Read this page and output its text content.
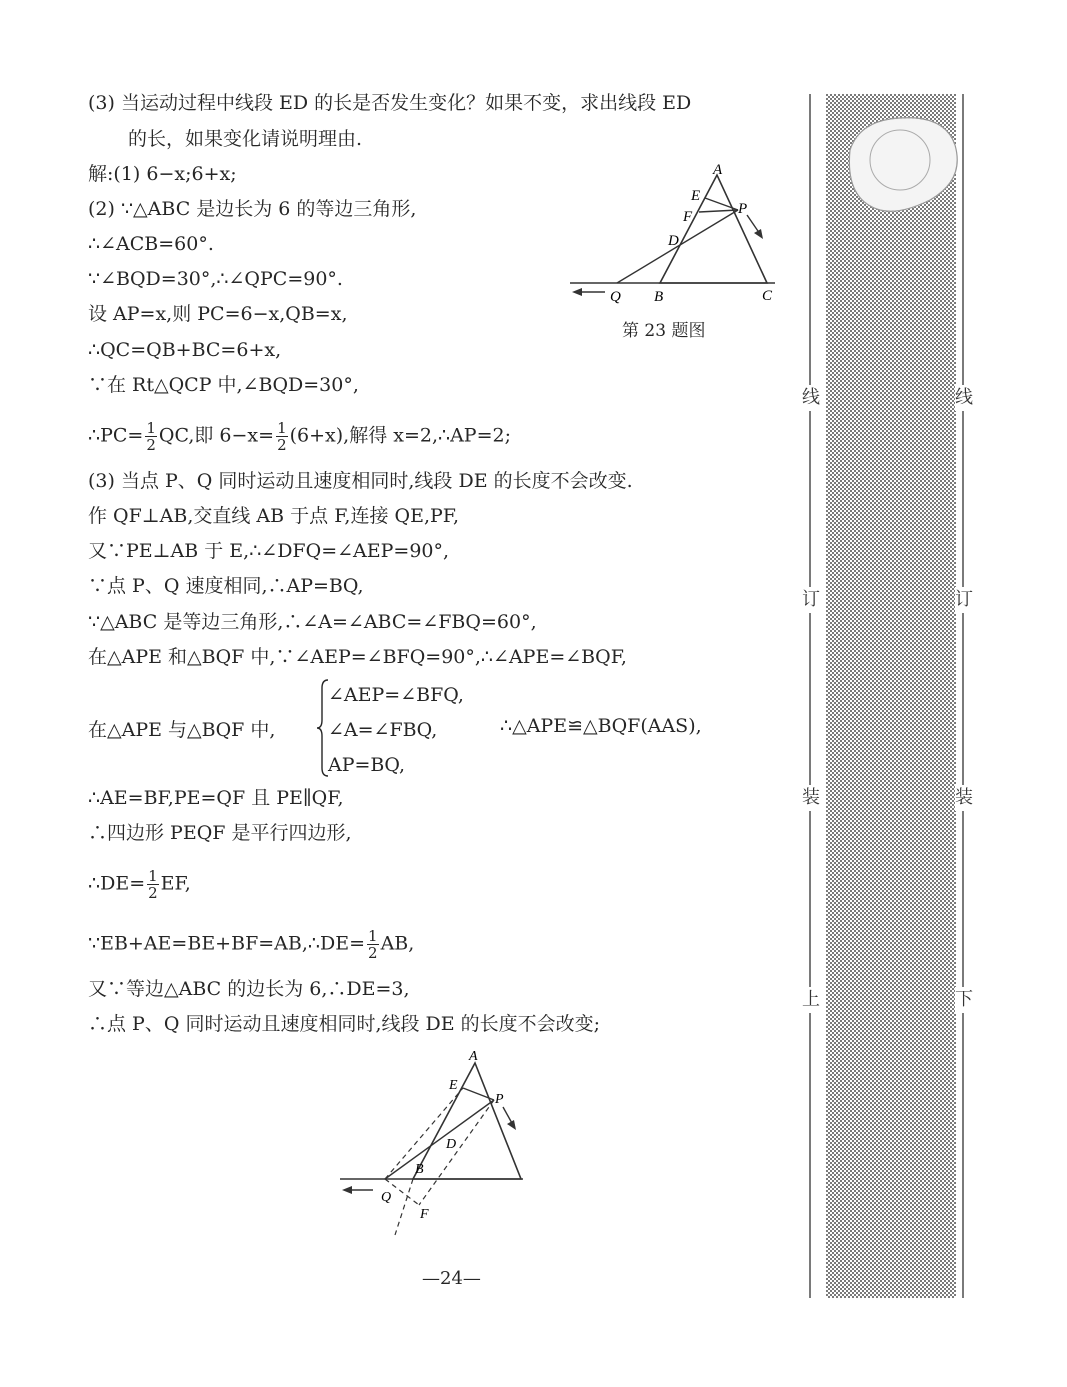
(3) 当运动过程中线段 ED 的长是否发生变化？如果不变，求出线段 ED
的长，如果变化请说明理由.
解:(1) 6−x;6+x;
(2) ∵△ABC 是边长为 6 的等边三角形,
∴∠ACB=60°.
∵∠BQD=30°,∴∠QPC=90°.
设 AP=x,则 PC=6−x,QB=x,
∴QC=QB+BC=6+x,
∵在 Rt△QCP 中,∠BQD=30°,
∴PC= $\frac{1}{2}$ QC,即 $6-x= \frac{1}{2} (6+x)$,解得 x=2,∴AP=2;
(3) 当点 P、Q 同时运动且速度相同时,线段 DE 的长度不会改变.
作 QF⊥AB,交直线 AB 于点 F,连接 QE,PF,
又∵PE⊥AB 于 E,∴∠DFQ=∠AEP=90°,
∵点 P、Q 速度相同,∴AP=BQ,
∵△ABC 是等边三角形,∴∠A=∠ABC=∠FBQ=60°,
在△APE 和△BQF 中,∵∠AEP=∠BFQ=90°,∴∠APE=∠BQF,
在△APE 与△BQF 中,
∠AEP=∠BFQ,
∠A=∠FBQ,
AP=BQ,
∴△APE≌△BQF(AAS),
∴AE=BF,PE=QF 且 PE∥QF,
∴四边形 PEQF 是平行四边形,
∴DE= $\frac{1}{2}$ EF,
∵EB+AE=BE+BF=AB,∴DE= $\frac{1}{2}$ AB,
又∵等边△ABC 的边长为 6,∴DE=3,
∴点 P、Q 同时运动且速度相同时,线段 DE 的长度不会改变;
A
E
F	P
D
Q B	C
第 23 题图
A
E
P
D
B
Q
F
—24—
线
订
装
上
线
订
装
下
